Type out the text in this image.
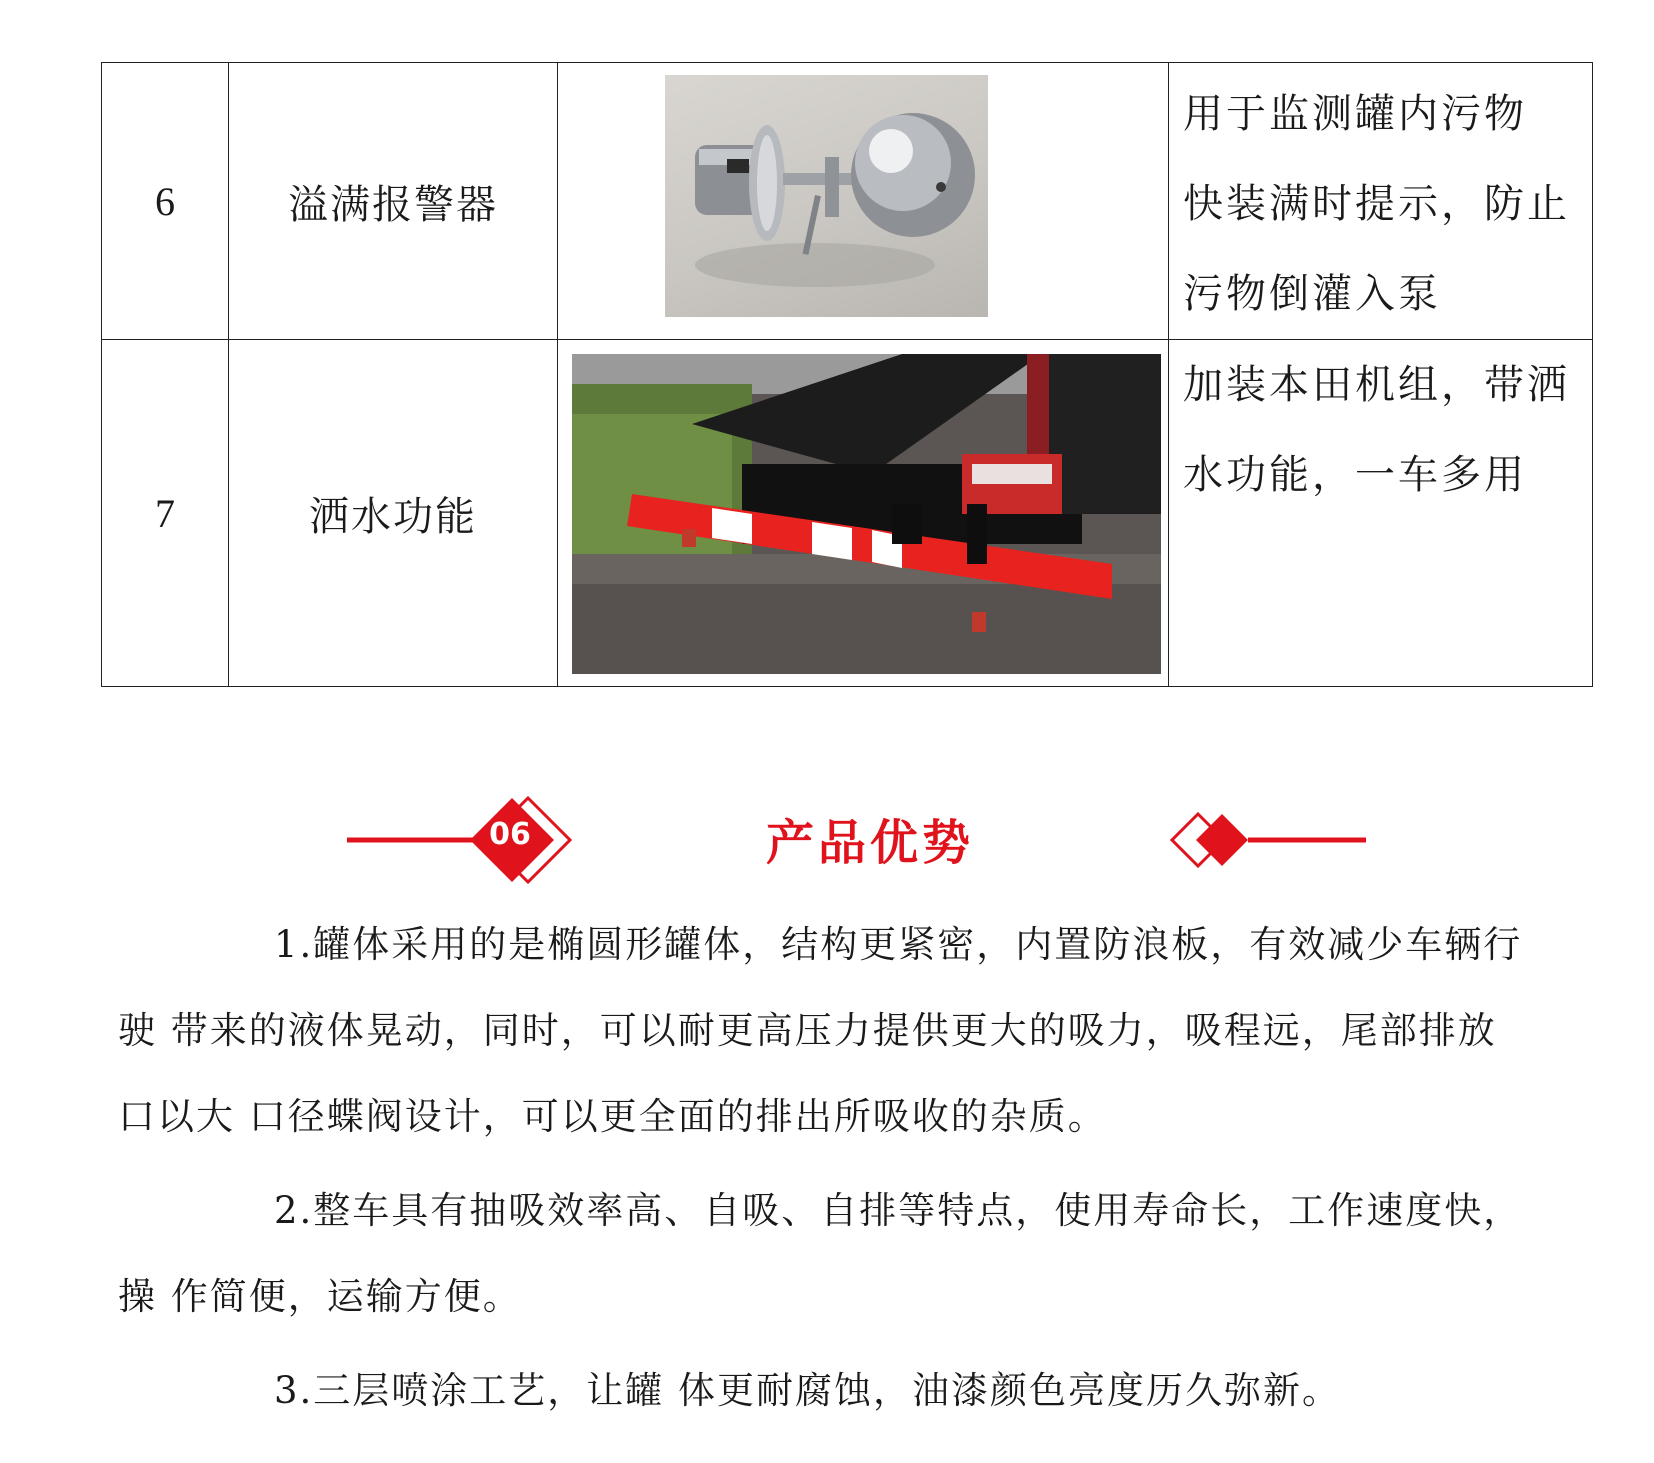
6	溢满报警器		用于监测罐内污物
快装满时提示，防止
污物倒灌入泵

7	洒水功能		加装本田机组，带洒
水功能，一车多用
06	产品优势

　　　　1.罐体采用的是椭圆形罐体，结构更紧密，内置防浪板，有效减少车辆行
驶 带来的液体晃动，同时，可以耐更高压力提供更大的吸力，吸程远，尾部排放
口以大 口径蝶阀设计，可以更全面的排出所吸收的杂质。

　　　　2.整车具有抽吸效率高、自吸、自排等特点，使用寿命长，工作速度快，
操 作简便，运输方便。

　　　　3.三层喷涂工艺，让罐 体更耐腐蚀，油漆颜色亮度历久弥新。
